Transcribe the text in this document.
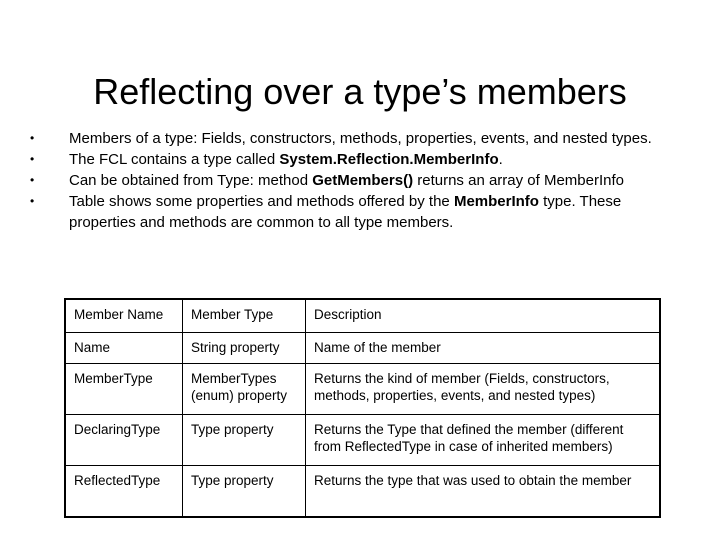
Reflecting over a type’s members
•	Members of a type: Fields, constructors, methods, properties, events, and nested types.
•	The FCL contains a type called System.Reflection.MemberInfo.
•	Can be obtained from Type: method GetMembers() returns an array of MemberInfo
•	Table shows some properties and methods offered by the MemberInfo type. These properties and methods are common to all type members.
Member Name	Member Type	Description
Name	String property	Name of the member
MemberType	MemberTypes (enum) property	Returns the kind of member (Fields, constructors, methods, properties, events, and nested types)
DeclaringType	Type property	Returns the Type that defined the member (different from ReflectedType in case of inherited members)
ReflectedType	Type property	Returns the type that was used to obtain the member
